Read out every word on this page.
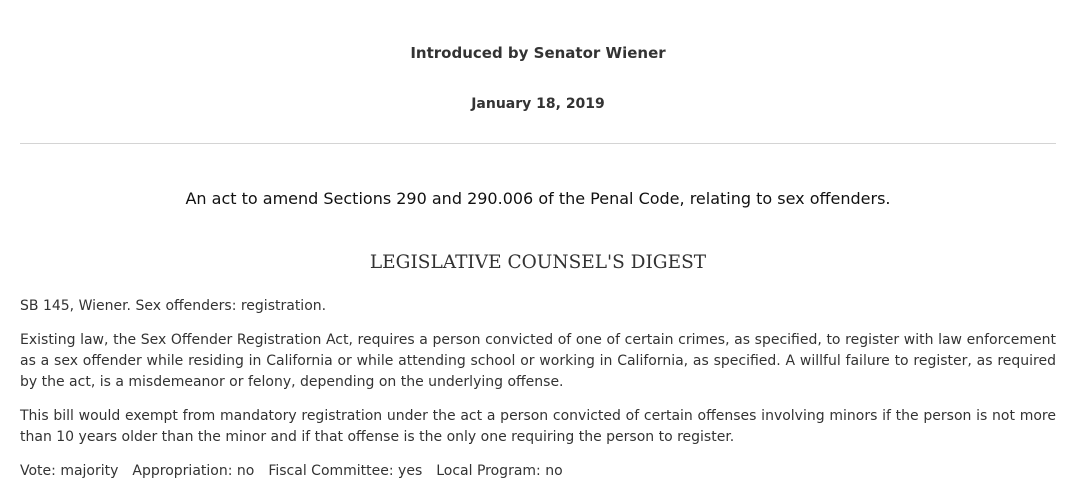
Introduced by Senator Wiener
January 18, 2019
An act to amend Sections 290 and 290.006 of the Penal Code, relating to sex offenders.
LEGISLATIVE COUNSEL'S DIGEST

SB 145, Wiener. Sex offenders: registration.

Existing law, the Sex Offender Registration Act, requires a person convicted of one of certain crimes, as specified, to register with law enforcement as a sex offender while residing in California or while attending school or working in California, as specified. A willful failure to register, as required by the act, is a misdemeanor or felony, depending on the underlying offense.

This bill would exempt from mandatory registration under the act a person convicted of certain offenses involving minors if the person is not more than 10 years older than the minor and if that offense is the only one requiring the person to register.

Vote: majority Appropriation: no Fiscal Committee: yes Local Program: no
